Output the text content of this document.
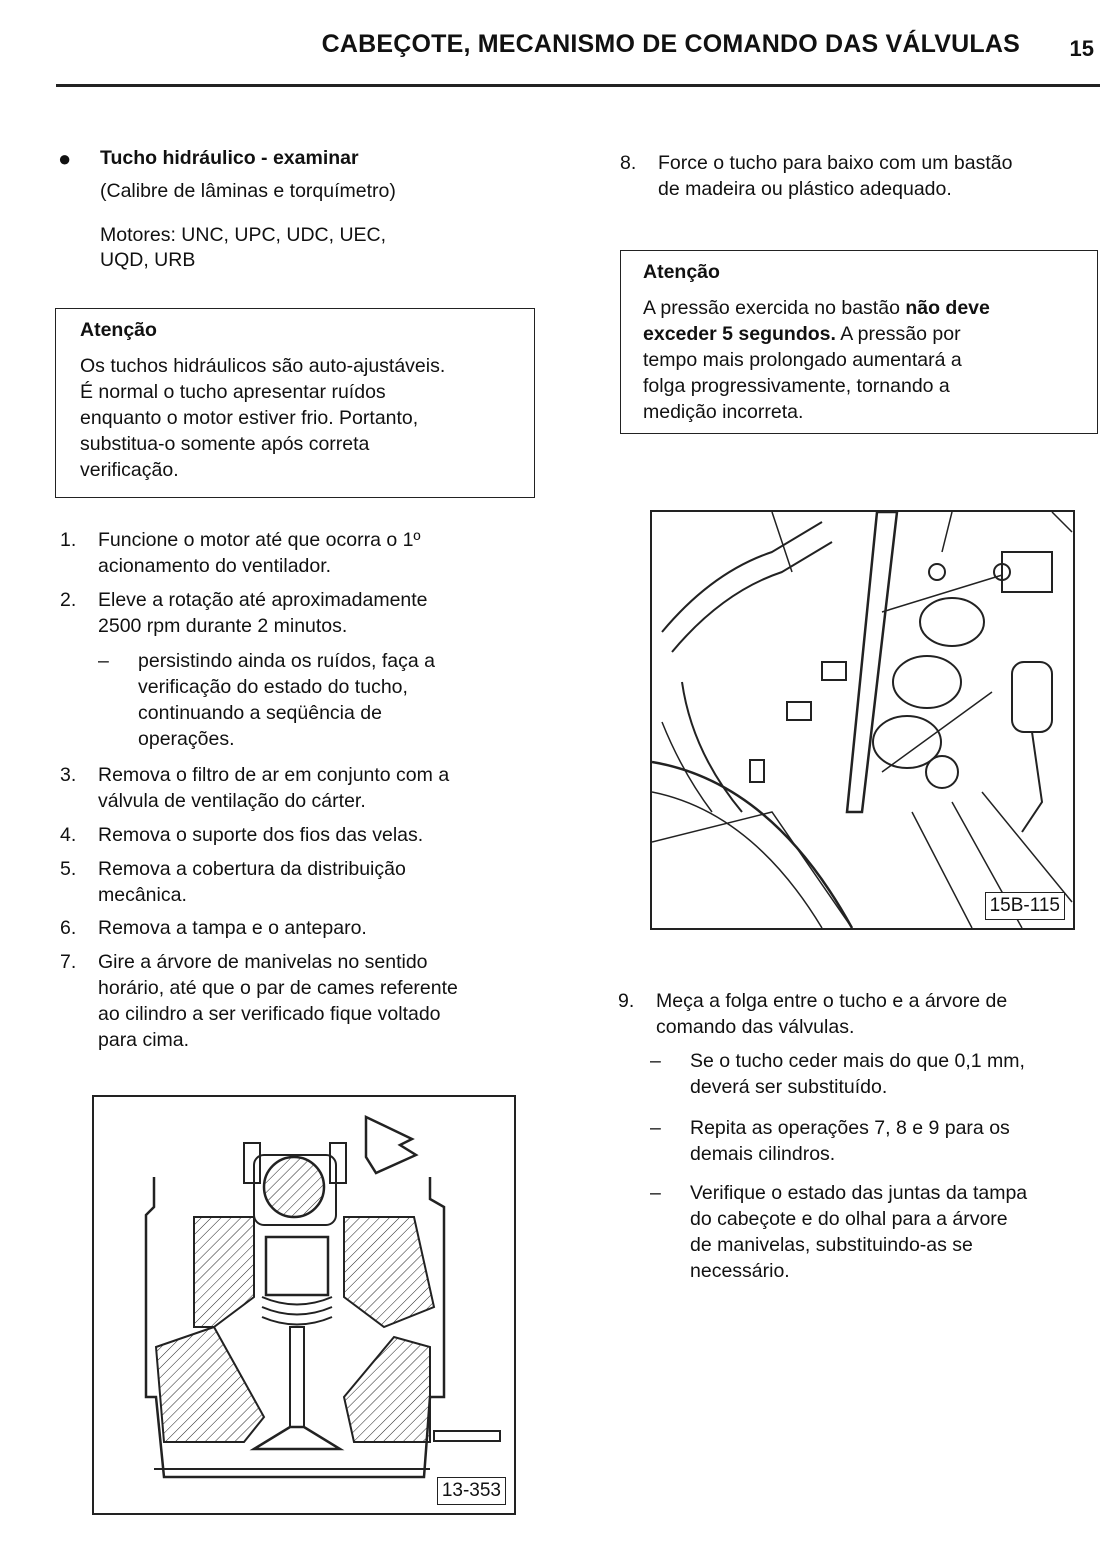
CABEÇOTE, MECANISMO DE COMANDO DAS VÁLVULAS 15
● Tucho hidráulico - examinar
(Calibre de lâminas e torquímetro)
Motores: UNC, UPC, UDC, UEC,
UQD, URB
Atenção
Os tuchos hidráulicos são auto-ajustáveis.
É normal o tucho apresentar ruídos
enquanto o motor estiver frio. Portanto,
substitua-o somente após correta
verificação.
1.	Funcione o motor até que ocorra o 1º
acionamento do ventilador.
2.	Eleve a rotação até aproximadamente
2500 rpm durante 2 minutos.
– persistindo ainda os ruídos, faça a
verificação do estado do tucho,
continuando a seqüência de
operações.
3.	Remova o filtro de ar em conjunto com a
válvula de ventilação do cárter.
4.	Remova o suporte dos fios das velas.
5.	Remova a cobertura da distribuição
mecânica.
6.	Remova a tampa e o anteparo.
7.	Gire a árvore de manivelas no sentido
horário, até que o par de cames referente
ao cilindro a ser verificado fique voltado
para cima.
13-353
8.	Force o tucho para baixo com um bastão
de madeira ou plástico adequado.
Atenção
A pressão exercida no bastão não deve
exceder 5 segundos. A pressão por
tempo mais prolongado aumentará a
folga progressivamente, tornando a
medição incorreta.
15B-115
9.	Meça a folga entre o tucho e a árvore de
comando das válvulas.
– Se o tucho ceder mais do que 0,1 mm,
deverá ser substituído.
– Repita as operações 7, 8 e 9 para os
demais cilindros.
– Verifique o estado das juntas da tampa
do cabeçote e do olhal para a árvore
de manivelas, substituindo-as se
necessário.
